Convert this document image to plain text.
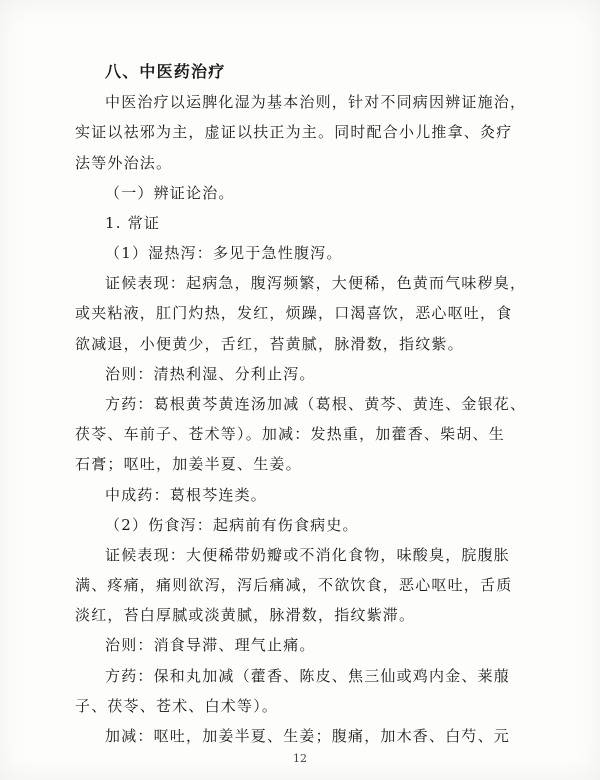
八、中医药治疗
中医治疗以运脾化湿为基本治则，针对不同病因辨证施治，
实证以祛邪为主，虚证以扶正为主。同时配合小儿推拿、灸疗
法等外治法。
（一）辨证论治。
1. 常证
（1）湿热泻：多见于急性腹泻。
证候表现：起病急，腹泻频繁，大便稀，色黄而气味秽臭，
或夹粘液，肛门灼热，发红，烦躁，口渴喜饮，恶心呕吐，食
欲减退，小便黄少，舌红，苔黄腻，脉滑数，指纹紫。
治则：清热利湿、分利止泻。
方药：葛根黄芩黄连汤加减（葛根、黄芩、黄连、金银花、
茯苓、车前子、苍术等）。加减：发热重，加藿香、柴胡、生
石膏；呕吐，加姜半夏、生姜。
中成药：葛根芩连类。
（2）伤食泻：起病前有伤食病史。
证候表现：大便稀带奶瓣或不消化食物，味酸臭，脘腹胀
满、疼痛，痛则欲泻，泻后痛减，不欲饮食，恶心呕吐，舌质
淡红，苔白厚腻或淡黄腻，脉滑数，指纹紫滞。
治则：消食导滞、理气止痛。
方药：保和丸加减（藿香、陈皮、焦三仙或鸡内金、莱菔
子、茯苓、苍术、白术等）。
加减：呕吐，加姜半夏、生姜；腹痛，加木香、白芍、元
12
